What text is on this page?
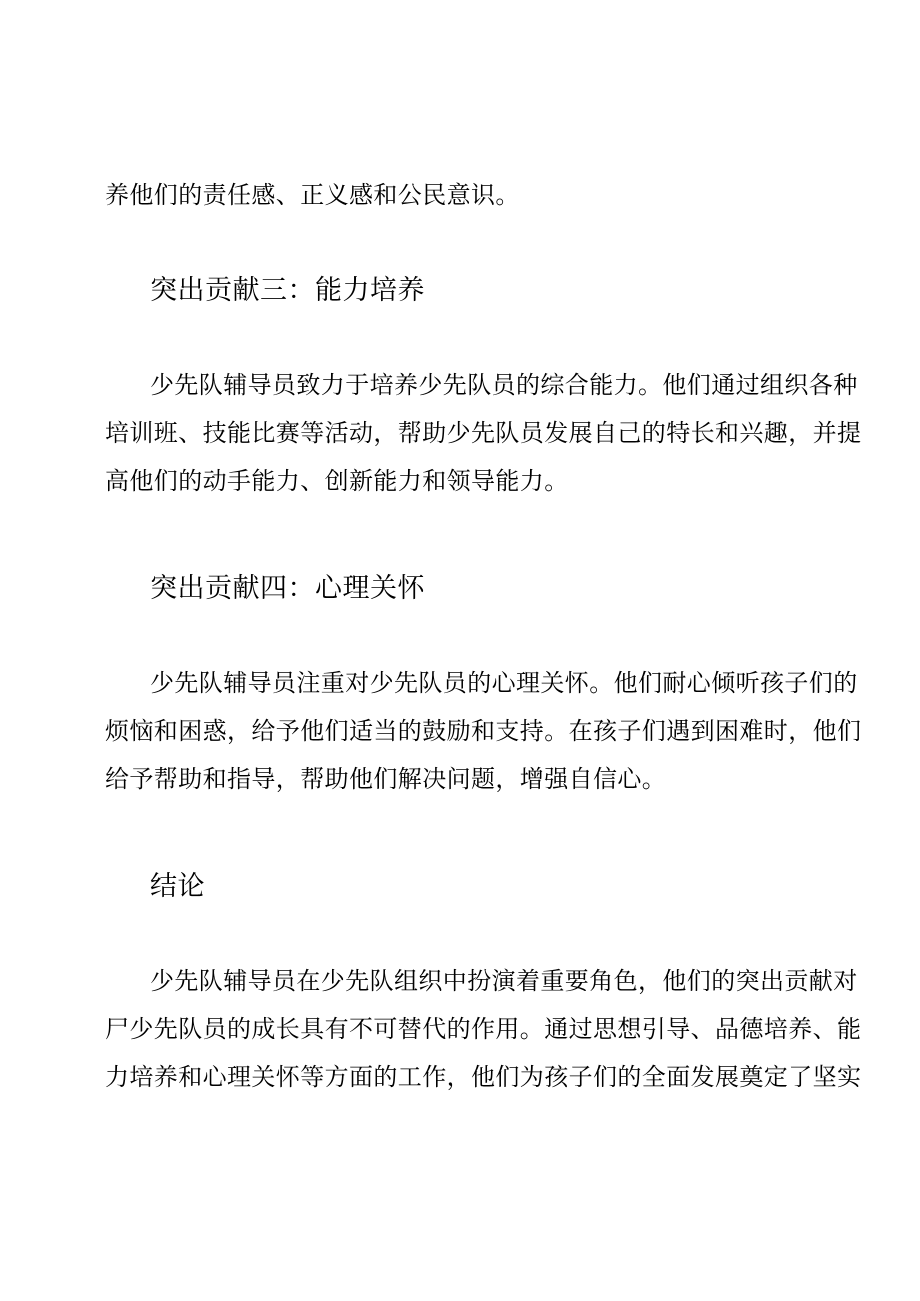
养他们的责任感、正义感和公民意识。
突出贡献三：能力培养
少先队辅导员致力于培养少先队员的综合能力。他们通过组织各种
培训班、技能比赛等活动，帮助少先队员发展自己的特长和兴趣，并提
高他们的动手能力、创新能力和领导能力。
突出贡献四：心理关怀
少先队辅导员注重对少先队员的心理关怀。他们耐心倾听孩子们的
烦恼和困惑，给予他们适当的鼓励和支持。在孩子们遇到困难时，他们
给予帮助和指导，帮助他们解决问题，增强自信心。
结论
少先队辅导员在少先队组织中扮演着重要角色，他们的突出贡献对
尸少先队员的成长具有不可替代的作用。通过思想引导、品德培养、能
力培养和心理关怀等方面的工作，他们为孩子们的全面发展奠定了坚实
